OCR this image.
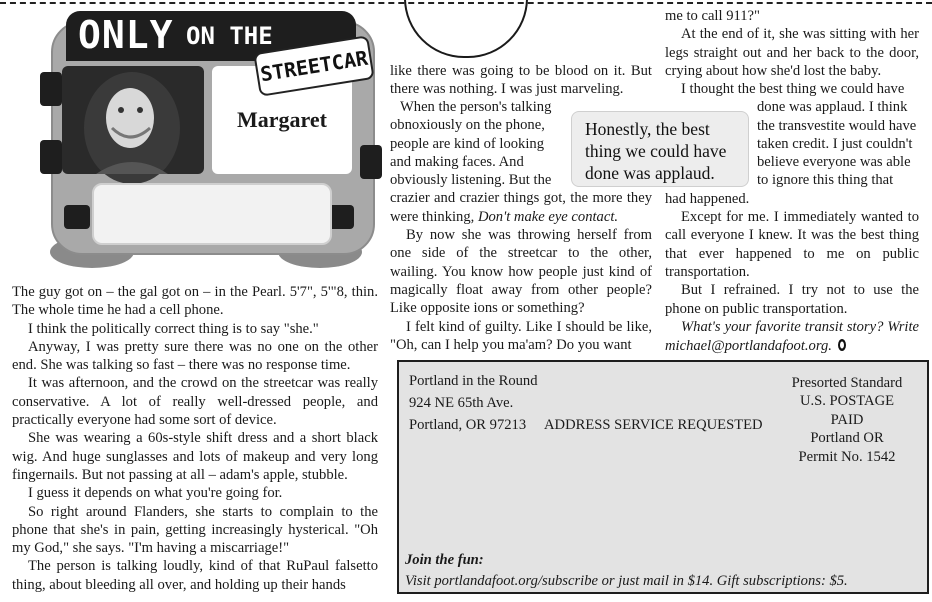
ONLY ON THE
Margaret
STREETCAR

The guy got on – the gal got on – in the Pearl. 5'7", 5'"8, thin. The whole time he had a cell phone.

I think the politically correct thing is to say "she."

Anyway, I was pretty sure there was no one on the other end. She was talking so fast – there was no response time.

It was afternoon, and the crowd on the streetcar was really conservative. A lot of really well-dressed people, and practically everyone had some sort of device.

She was wearing a 60s-style shift dress and a short black wig. And huge sunglasses and lots of makeup and very long fingernails. But not passing at all – adam's apple, stubble.

I guess it depends on what you're going for.

So right around Flanders, she starts to complain to the phone that she's in pain, getting increasingly hysterical. "Oh my God," she says. "I'm having a miscarriage!"

The person is talking loudly, kind of that RuPaul falsetto thing, about bleeding all over, and holding up their hands

like there was going to be blood on it. But there was nothing. I was just marveling.

When the person's talking
obnoxiously on the phone,
people are kind of looking
and making faces. And
obviously listening. But the

crazier and crazier things got, the more they were thinking, Don't make eye contact.

By now she was throwing herself from one side of the streetcar to the other, wailing. You know how people just kind of magically float away from other people? Like opposite ions or something?

I felt kind of guilty. Like I should be like, "Oh, can I help you ma'am? Do you want

Honestly, the best thing we could have done was applaud.

me to call 911?"

At the end of it, she was sitting with her legs straight out and her back to the door, crying about how she'd lost the baby.

I thought the best thing we could have

done was applaud. I think
the transvestite would have
taken credit. I just couldn't
believe everyone was able
to ignore this thing that

had happened.

Except for me. I immediately wanted to call everyone I knew. It was the best thing that ever happened to me on public transportation.

But I refrained. I try not to use the phone on public transportation.

What's your favorite transit story? Write michael@portlandafoot.org.

Portland in the Round
924 NE 65th Ave.
Portland, OR 97213 ADDRESS SERVICE REQUESTED
Presorted Standard
U.S. POSTAGE
PAID
Portland OR
Permit No. 1542
Join the fun:
Visit portlandafoot.org/subscribe or just mail in $14. Gift subscriptions: $5.
